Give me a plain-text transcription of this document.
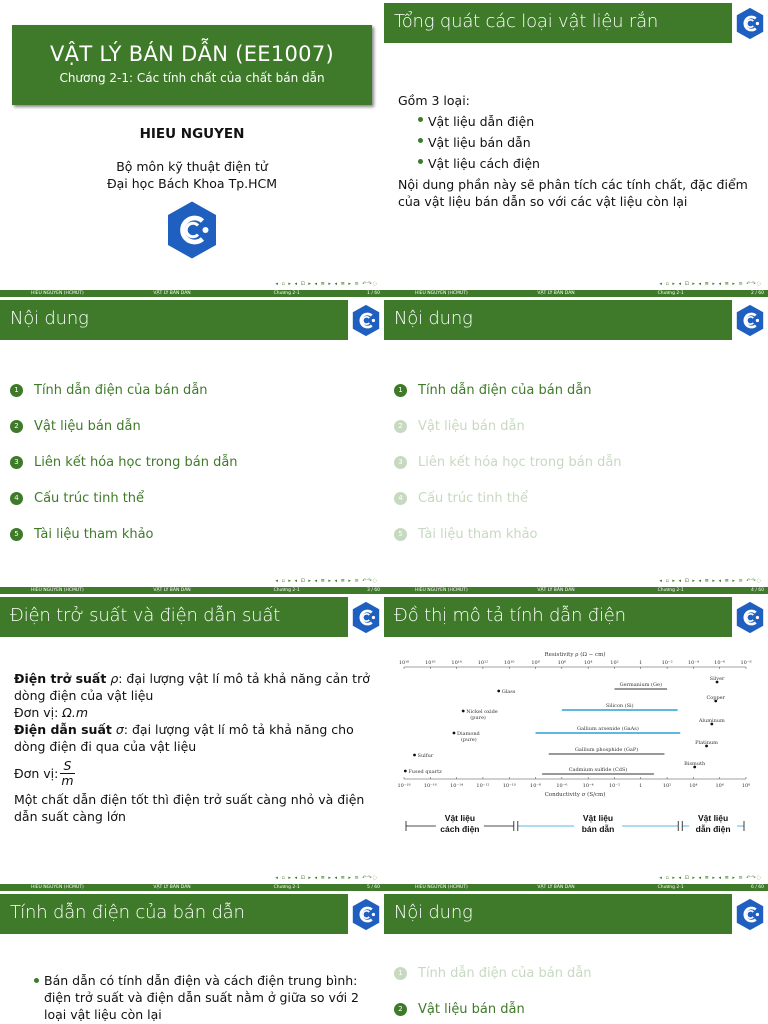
VẬT LÝ BÁN DẪN (EE1007)
Chương 2-1: Các tính chất của chất bán dẫn
HIEU NGUYEN
Bộ môn kỹ thuật điện tử
Đại học Bách Khoa Tp.HCM
◂ ▫ ▸ ◂ ⊡ ▸ ◂ ≣ ▸ ◂ ≣ ▸ ≡ ↶↷◌
HIEU NGUYEN (HCMUT)	VẬT LÝ BÁN DẪN	Chương 2-1	1 / 60
Tổng quát các loại vật liệu rắn
Gồm 3 loại:
Vật liệu dẫn điện
Vật liệu bán dẫn
Vật liệu cách điện
Nội dung phần này sẽ phân tích các tính chất, đặc điểm của vật liệu bán dẫn so với các vật liệu còn lại
◂ ▫ ▸ ◂ ⊡ ▸ ◂ ≣ ▸ ◂ ≣ ▸ ≡ ↶↷◌
HIEU NGUYEN (HCMUT)	VẬT LÝ BÁN DẪN	Chương 2-1	2 / 60
Nội dung
1	Tính dẫn điện của bán dẫn
2	Vật liệu bán dẫn
3	Liên kết hóa học trong bán dẫn
4	Cấu trúc tinh thể
5	Tài liệu tham khảo
◂ ▫ ▸ ◂ ⊡ ▸ ◂ ≣ ▸ ◂ ≣ ▸ ≡ ↶↷◌
HIEU NGUYEN (HCMUT)	VẬT LÝ BÁN DẪN	Chương 2-1	3 / 60
Nội dung
1	Tính dẫn điện của bán dẫn
2	Vật liệu bán dẫn
3	Liên kết hóa học trong bán dẫn
4	Cấu trúc tinh thể
5	Tài liệu tham khảo
◂ ▫ ▸ ◂ ⊡ ▸ ◂ ≣ ▸ ◂ ≣ ▸ ≡ ↶↷◌
HIEU NGUYEN (HCMUT)	VẬT LÝ BÁN DẪN	Chương 2-1	4 / 60
Điện trở suất và điện dẫn suất
Điện trở suất ρ: đại lượng vật lí mô tả khả năng cản trở dòng điện của vật liệu
Đơn vị: Ω.m
Điện dẫn suất σ: đại lượng vật lí mô tả khả năng cho dòng điện đi qua của vật liệu
Đơn vị:
S
m
Một chất dẫn điện tốt thì điện trở suất càng nhỏ và điện dẫn suất càng lớn
◂ ▫ ▸ ◂ ⊡ ▸ ◂ ≣ ▸ ◂ ≣ ▸ ≡ ↶↷◌
HIEU NGUYEN (HCMUT)	VẬT LÝ BÁN DẪN	Chương 2-1	5 / 60
Đồ thị mô tả tính dẫn điện
Resistivity ρ (Ω − cm)
10¹⁸	10¹⁶	10¹⁴	10¹²	10¹⁰	10⁸	10⁶	10⁴	10²	1	10⁻²	10⁻⁴	10⁻⁶	10⁻⁸
10⁻¹⁸	10⁻¹⁶	10⁻¹⁴	10⁻¹²	10⁻¹⁰	10⁻⁸	10⁻⁶	10⁻⁴	10⁻²	1	10²	10⁴	10⁶	10⁸
Conductivity σ (S/cm)
Glass
Nickel oxide
(pure)
Diamond
(pure)
Sulfur
Fused quartz
Silver
Copper
Aluminum
Platinum
Bismuth
Germanium (Ge)
Silicon (Si)
Gallium arsenide (GaAs)
Gallium phosphide (GaP)
Cadmium sulfide (CdS)
Vật liệu
cách điện
Vật liệu
bán dẫn
Vật liệu
dẫn điện
◂ ▫ ▸ ◂ ⊡ ▸ ◂ ≣ ▸ ◂ ≣ ▸ ≡ ↶↷◌
HIEU NGUYEN (HCMUT)	VẬT LÝ BÁN DẪN	Chương 2-1	6 / 60
Tính dẫn điện của bán dẫn
Bán dẫn có tính dẫn điện và cách điện trung bình: điện trở suất và điện dẫn suất nằm ở giữa so với 2 loại vật liệu còn lại
Nội dung
1	Tính dẫn điện của bán dẫn
2	Vật liệu bán dẫn
